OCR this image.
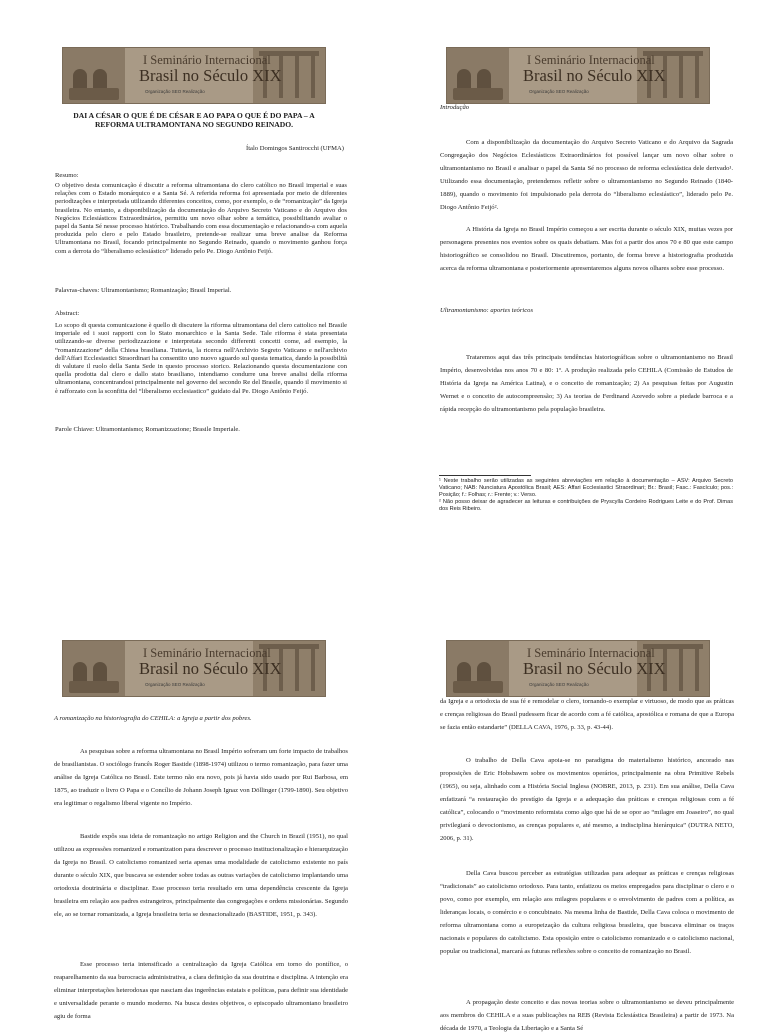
I Seminário Internacional
Brasil no Século XIX
Organização SEO Realização
DAI A CÉSAR O QUE É DE CÉSAR E AO PAPA O QUE É DO PAPA – A REFORMA ULTRAMONTANA NO SEGUNDO REINADO.
Ítalo Domingos Santirocchi (UFMA)
Resumo:
O objetivo desta comunicação é discutir a reforma ultramontana do clero católico no Brasil imperial e suas relações com o Estado monárquico e a Santa Sé. A referida reforma foi apresentada por meio de diferentes periodizações e interpretada utilizando diferentes conceitos, como, por exemplo, o de “romanização” da Igreja brasileira. No entanto, a disponibilização da documentação do Arquivo Secreto Vaticano e do Arquivo dos Negócios Eclesiásticos Extraordinários, permitiu um novo olhar sobre a temática, possibilitando avaliar o papel da Santa Sé nesse processo histórico. Trabalhando com essa documentação e relacionando-a com aquela produzida pelo clero e pelo Estado brasileiro, pretende-se realizar uma breve analise da Reforma Ultramontana no Brasil, focando principalmente no Segundo Reinado, quando o movimento ganhou força com a derrota do “liberalismo eclesiástico” liderado pelo Pe. Diogo Antônio Feijó.
Palavras-chaves: Ultramontanismo; Romanização; Brasil Imperial.
Abstract:
Lo scopo di questa comunicazione è quello di discutere la riforma ultramontana del clero cattolico nel Brasile imperiale ed i suoi rapporti con lo Stato monarchico e la Santa Sede. Tale riforma è stata presentata utilizzando-se diverse periodizzazione e interpretata secondo differenti concetti come, ad esempio, la “romanizzazione” della Chiesa brasiliana. Tuttavia, la ricerca nell'Archivio Segreto Vaticano e nell'archivio dell'Affari Ecclesiastici Straordinari ha consentito uno nuovo sguardo sul questa tematica, dando la possibilità di valutare il ruolo della Santa Sede in questo processo storico. Relazionando questa documentazione con quella prodotta dal clero e dallo stato brasiliano, intendiamo condurre una breve analisi della riforma ultramontana, concentrandosi principalmente nel governo del secondo Re del Brasile, quando il movimento si è rafforzato con la sconfitta del “liberalismo ecclesiastico” guidato dal Pe. Diogo Antônio Feijó.
Parole Chiave: Ultramontanismo; Romanizzazione; Brasile Imperiale.
I Seminário Internacional
Brasil no Século XIX
Organização SEO Realização
Introdução
Com a disponibilização da documentação do Arquivo Secreto Vaticano e do Arquivo da Sagrada Congregação dos Negócios Eclesiásticos Extraordinários foi possível lançar um novo olhar sobre o ultramontanismo no Brasil e analisar o papel da Santa Sé no processo de reforma eclesiástica dele derivado¹. Utilizando essa documentação, pretendemos refletir sobre o ultramontanismo no Segundo Reinado (1840-1889), quando o movimento foi impulsionado pela derrota do “liberalismo eclesiástico”, liderado pelo Pe. Diogo Antônio Feijó².
A História da Igreja no Brasil Império começou a ser escrita durante o século XIX, muitas vezes por personagens presentes nos eventos sobre os quais debatiam. Mas foi a partir dos anos 70 e 80 que este campo historiográfico se consolidou no Brasil. Discutiremos, portanto, de forma breve a historiografia produzida acerca da reforma ultramontana e posteriormente apresentaremos alguns novos olhares sobre esse processo.
Ultramontanismo: aportes teóricos
Trataremos aqui das três principais tendências historiográficas sobre o ultramontanismo no Brasil Império, desenvolvidas nos anos 70 e 80: 1º. A produção realizada pelo CEHILA (Comissão de Estudos de História da Igreja na América Latina), e o conceito de romanização; 2) As pesquisas feitas por Augustin Wernet e o conceito de autocompreensão; 3) As teorias de Ferdinand Azevedo sobre a piedade barroca e a rápida recepção do ultramontanismo pela população brasileira.

¹ Neste trabalho serão utilizadas as seguintes abreviações em relação à documentação – ASV: Arquivo Secreto Vaticano; NAB: Nunciatura Apostólica Brasil; AES: Affari Ecclesiastici Straordinari; Br.: Brasil; Fasc.: Fascículo; pos.: Posição; f.: Folhas; r.: Frente; v.: Verso.

² Não posso deixar de agradecer as leituras e contribuições de Pryscylla Cordeiro Rodrigues Leite e do Prof. Dimas dos Reis Ribeiro.

I Seminário Internacional
Brasil no Século XIX
Organização SEO Realização
A romanização na historiografia do CEHILA: a Igreja a partir dos pobres.
As pesquisas sobre a reforma ultramontana no Brasil Império sofreram um forte impacto de trabalhos de brasilianistas. O sociólogo francês Roger Bastide (1898-1974) utilizou o termo romanização, para fazer uma análise da Igreja Católica no Brasil. Este termo não era novo, pois já havia sido usado por Rui Barbosa, em 1875, ao traduzir o livro O Papa e o Concílio de Johann Joseph Ignaz von Döllinger (1799-1890). Seu objetivo era legitimar o regalismo liberal vigente no Império.
Bastide expôs sua ideia de romanização no artigo Religion and the Church in Brazil (1951), no qual utilizou as expressões romanized e romanization para descrever o processo institucionalização e hierarquização da Igreja no Brasil. O catolicismo romanized seria apenas uma modalidade de catolicismo existente no país durante o século XIX, que buscava se estender sobre todas as outras variações de catolicismo implantando uma ortodoxia doutrinária e disciplinar. Esse processo teria resultado em uma dependência crescente da Igreja brasileira em relação aos padres estrangeiros, principalmente das congregações e ordens missionárias. Segundo ele, ao se tornar romanizada, a Igreja brasileira teria se desnacionalizado (BASTIDE, 1951, p. 343).
Esse processo teria intensificado a centralização da Igreja Católica em torno do pontífice, o reaparelhamento da sua burocracia administrativa, a clara definição da sua doutrina e disciplina. A intenção era eliminar interpretações heterodoxas que nasciam das ingerências estatais e políticas, para definir sua identidade e universalidade perante o mundo moderno. Na busca destes objetivos, o episcopado ultramontano brasileiro agiu de forma
I Seminário Internacional
Brasil no Século XIX
Organização SEO Realização
da Igreja e a ortodoxia de sua fé e remodelar o clero, tornando-o exemplar e virtuoso, de modo que as práticas e crenças religiosas do Brasil pudessem ficar de acordo com a fé católica, apostólica e romana de que a Europa se fazia então estandarte” (DELLA CAVA, 1976, p. 33, p. 43-44).
O trabalho de Della Cava apoia-se no paradigma do materialismo histórico, ancorado nas proposições de Eric Hobsbawm sobre os movimentos operários, principalmente na obra Primitive Rebels (1965), ou seja, alinhado com a História Social Inglesa (NOBRE, 2013, p. 231). Em sua análise, Della Cava enfatizará “a restauração do prestígio da Igreja e a adequação das práticas e crenças religiosas com a fé católica”, colocando o “movimento reformista como algo que há de se opor ao “milagre em Joaseiro”, no qual privilegiará o devocionismo, as crenças populares e, até mesmo, a indisciplina hierárquica” (DUTRA NETO, 2006, p. 31).
Della Cava buscou perceber as estratégias utilizadas para adequar as práticas e crenças religiosas “tradicionais” ao catolicismo ortodoxo. Para tanto, enfatizou os meios empregados para disciplinar o clero e o povo, como por exemplo, em relação aos milagres populares e o envolvimento de padres com a política, as lideranças locais, o comércio e o concubinato. Na mesma linha de Bastide, Della Cava coloca o movimento de reforma ultramontana como a europeização da cultura religiosa brasileira, que buscava eliminar os traços nacionais e populares do catolicismo. Esta oposição entre o catolicismo romanizado e o catolicismo nacional, popular ou tradicional, marcará as futuras reflexões sobre o conceito de romanização no Brasil.
A propagação deste conceito e das novas teorias sobre o ultramontanismo se deveu principalmente aos membros do CEHILA e a suas publicações na REB (Revista Eclesiástica Brasileira) a partir de 1973. Na década de 1970, a Teologia da Libertação e a Santa Sé
